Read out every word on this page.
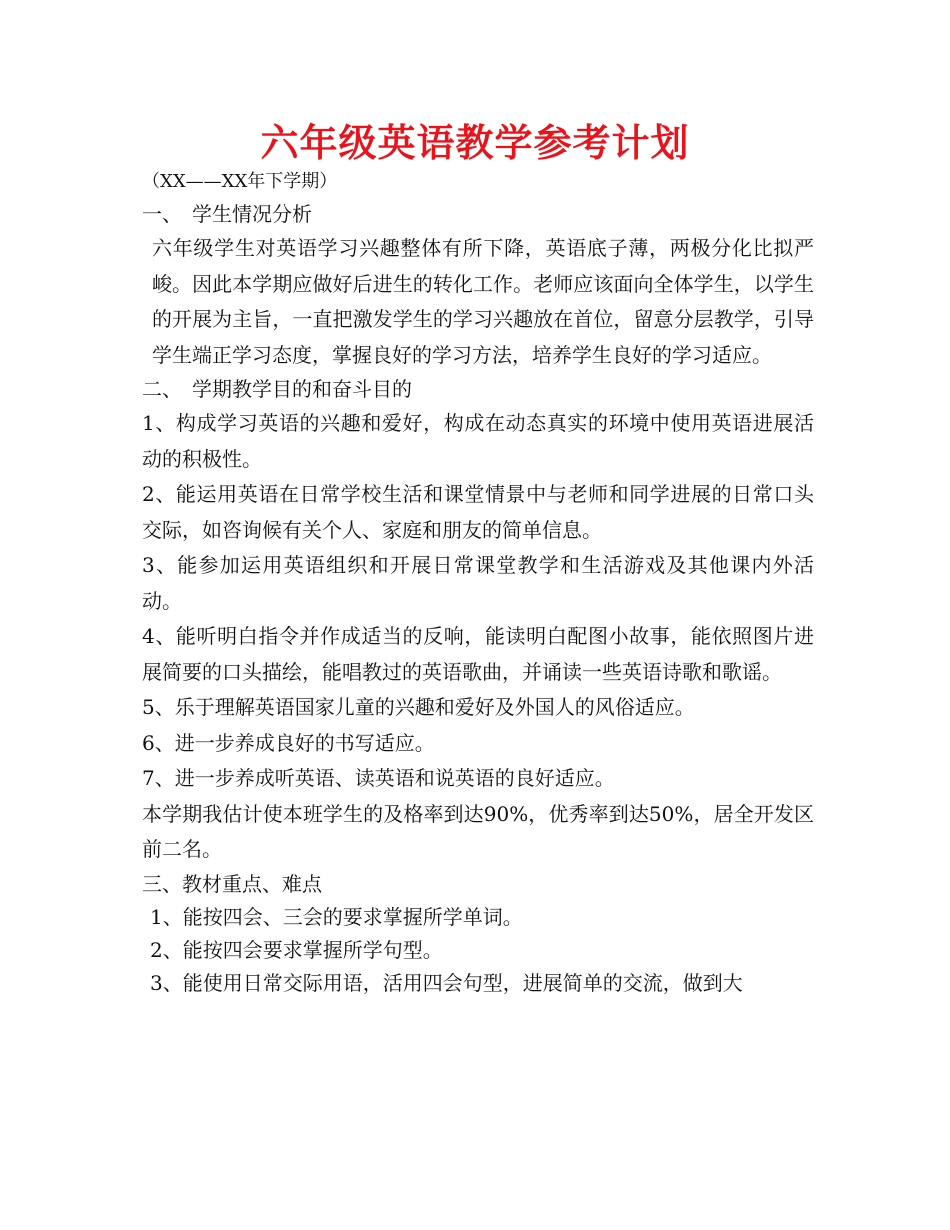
六年级英语教学参考计划
（XX——XX年下学期）
一、　学生情况分析
六年级学生对英语学习兴趣整体有所下降，英语底子薄，两极分化比拟严峻。因此本学期应做好后进生的转化工作。老师应该面向全体学生，以学生的开展为主旨，一直把激发学生的学习兴趣放在首位，留意分层教学，引导学生端正学习态度，掌握良好的学习方法，培养学生良好的学习适应。
二、　学期教学目的和奋斗目的
1、构成学习英语的兴趣和爱好，构成在动态真实的环境中使用英语进展活动的积极性。
2、能运用英语在日常学校生活和课堂情景中与老师和同学进展的日常口头交际，如咨询候有关个人、家庭和朋友的简单信息。
3、能参加运用英语组织和开展日常课堂教学和生活游戏及其他课内外活动。
4、能听明白指令并作成适当的反响，能读明白配图小故事，能依照图片进展简要的口头描绘，能唱教过的英语歌曲，并诵读一些英语诗歌和歌谣。
5、乐于理解英语国家儿童的兴趣和爱好及外国人的风俗适应。
6、进一步养成良好的书写适应。
7、进一步养成听英语、读英语和说英语的良好适应。
本学期我估计使本班学生的及格率到达90%，优秀率到达50%，居全开发区前二名。
三、教材重点、难点
1、能按四会、三会的要求掌握所学单词。
2、能按四会要求掌握所学句型。
3、能使用日常交际用语，活用四会句型，进展简单的交流，做到大
